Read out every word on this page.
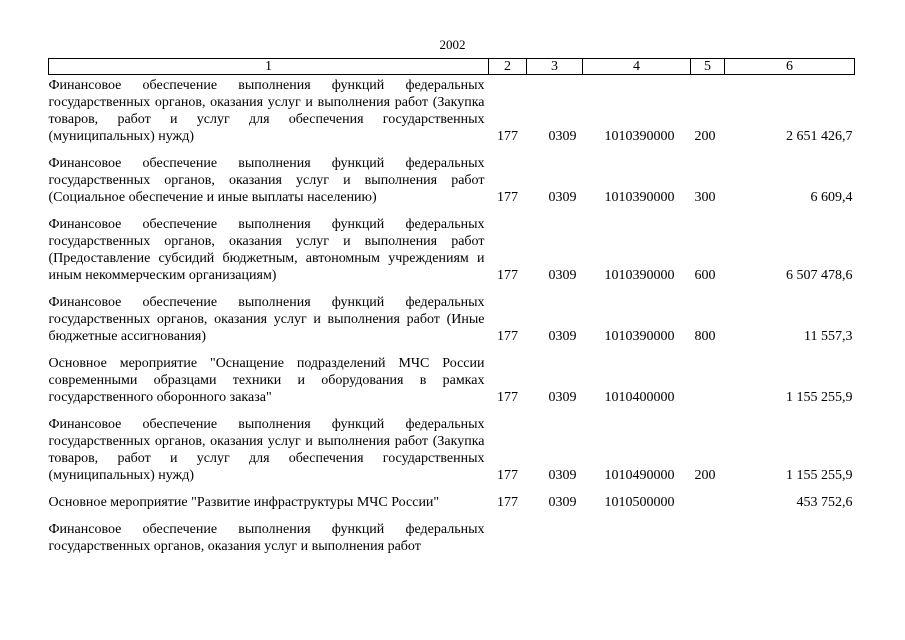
2002
1	2	3	4	5	6
Финансовое обеспечение выполнения функций федеральных государственных органов, оказания услуг и выполнения работ (Закупка товаров, работ и услуг для обеспечения государственных (муниципальных) нужд)	177	0309	1010390000	200	2 651 426,7
Финансовое обеспечение выполнения функций федеральных государственных органов, оказания услуг и выполнения работ (Социальное обеспечение и иные выплаты населению)	177	0309	1010390000	300	6 609,4
Финансовое обеспечение выполнения функций федеральных государственных органов, оказания услуг и выполнения работ (Предоставление субсидий бюджетным, автономным учреждениям и иным некоммерческим организациям)	177	0309	1010390000	600	6 507 478,6
Финансовое обеспечение выполнения функций федеральных государственных органов, оказания услуг и выполнения работ (Иные бюджетные ассигнования)	177	0309	1010390000	800	11 557,3
Основное мероприятие "Оснащение подразделений МЧС России современными образцами техники и оборудования в рамках государственного оборонного заказа"	177	0309	1010400000		1 155 255,9
Финансовое обеспечение выполнения функций федеральных государственных органов, оказания услуг и выполнения работ (Закупка товаров, работ и услуг для обеспечения государственных (муниципальных) нужд)	177	0309	1010490000	200	1 155 255,9
Основное мероприятие "Развитие инфраструктуры МЧС России"	177	0309	1010500000		453 752,6
Финансовое обеспечение выполнения функций федеральных государственных органов, оказания услуг и выполнения работ					
